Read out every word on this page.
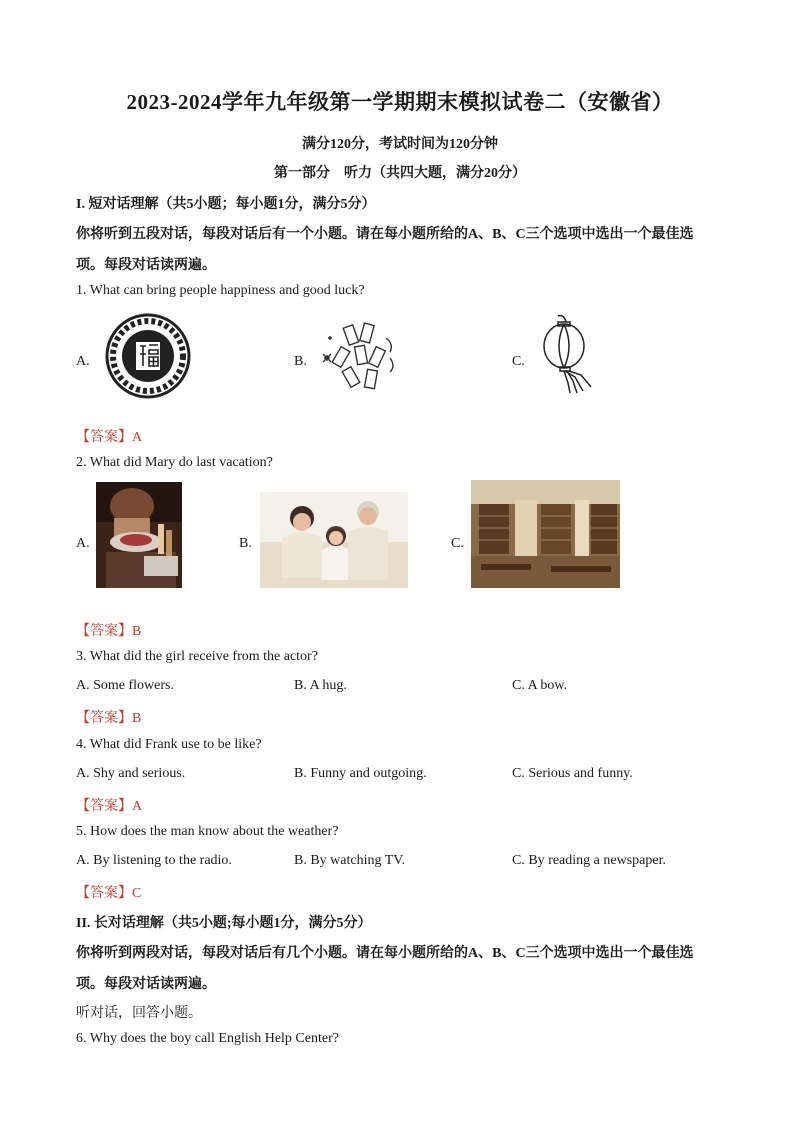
2023-2024学年九年级第一学期期末模拟试卷二（安徽省）
满分120分，考试时间为120分钟
第一部分　听力（共四大题，满分20分）
I. 短对话理解（共5小题；每小题1分，满分5分）
你将听到五段对话，每段对话后有一个小题。请在每小题所给的A、B、C三个选项中选出一个最佳选
项。每段对话读两遍。
1. What can bring people happiness and good luck?
A.	B.	C.
【答案】A
2. What did Mary do last vacation?
A.	B.	C.
【答案】B
3. What did the girl receive from the actor?
A. Some flowers.	B. A hug.	C. A bow.
【答案】B
4. What did Frank use to be like?
A. Shy and serious.	B. Funny and outgoing.	C. Serious and funny.
【答案】A
5. How does the man know about the weather?
A. By listening to the radio.	B. By watching TV.	C. By reading a newspaper.
【答案】C
II. 长对话理解（共5小题;每小题1分，满分5分）
你将听到两段对话，每段对话后有几个小题。请在每小题所给的A、B、C三个选项中选出一个最佳选
项。每段对话读两遍。
听对话，回答小题。
6. Why does the boy call English Help Center?
